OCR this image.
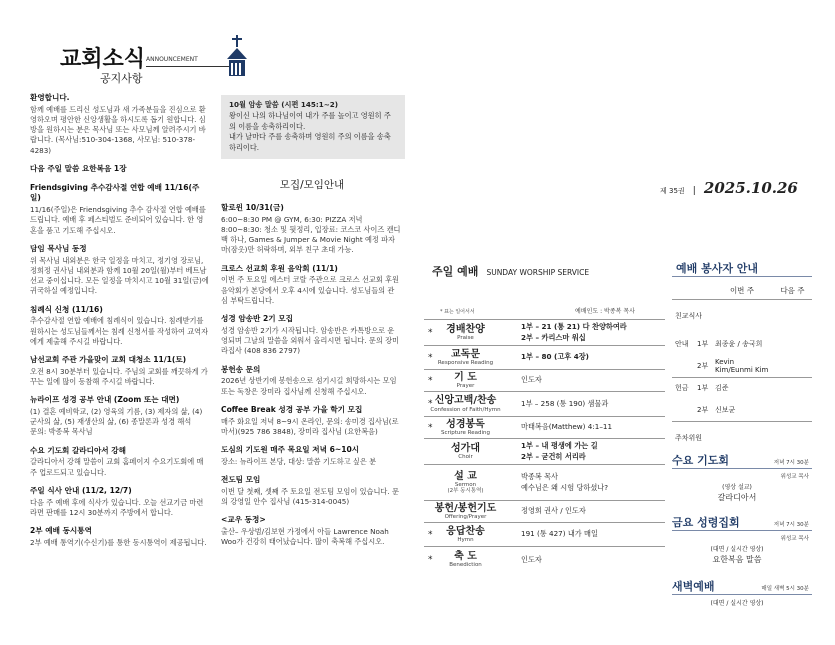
교회소식 ANNOUNCEMENT
공지사항
환영합니다.
함께 예배를 드리신 성도님과 새 가족분들을 진심으로 환영하오며 평안한 신앙생활을 하시도록 돕기 원합니다. 심방을 원하시는 분은 목사님 또는 사모님께 알려주시기 바랍니다. (목사님:510-304-1368, 사모님: 510-378-4283)
다음 주일 말씀 요한복음 1장
Friendsgiving 추수감사절 연합 예배 11/16(주일)
11/16(주일)은 Friendsgiving 추수 감사절 연합 예배를 드립니다. 예배 후 페스티벌도 준비되어 있습니다. 한 영혼을 품고 기도해 주십시오.
담임 목사님 동정
위 목사님 내외분은 한국 일정을 마치고, 정기영 장로님, 정희정 권사님 내외분과 함께 10월 20일(월)부터 베트남 선교 중이십니다. 모든 일정을 마치시고 10월 31일(금)에 귀국하실 예정입니다.
침례식 신청 (11/16)
추수감사절 연합 예배에 침례식이 있습니다. 침례받기를 원하시는 성도님들께서는 침례 신청서를 작성하여 교역자에게 제출해 주시길 바랍니다.
남선교회 주관 가을맞이 교회 대청소 11/1(토)
오전 8시 30분부터 있습니다. 주님의 교회를 깨끗하게 가꾸는 일에 많이 동참해 주시길 바랍니다.
뉴라이프 성경 공부 안내 (Zoom 또는 대면)
(1) 결혼 예비학교, (2) 영육의 기름, (3) 제자의 삶, (4) 군사의 삶, (5) 재생산의 삶, (6) 종말론과 성경 해석
문의: 박종복 목사님
수요 기도회 갈라디아서 강해
갈라디아서 강해 말씀이 교회 홈페이지 수요기도회에 매주 업로드되고 있습니다.
주일 식사 안내 (11/2, 12/7)
다음 주 예배 후에 식사가 있습니다. 오늘 선교기금 마련 라면 판매를 12시 30분까지 주방에서 합니다.
2부 예배 동시통역
2부 예배 통역기(수신기)를 통한 동시통역이 제공됩니다.
10월 암송 말씀 (시편 145:1~2)
왕이신 나의 하나님이여 내가 주를 높이고 영원히 주의 이름을 송축하리이다.
내가 날마다 주를 송축하며 영원히 주의 이름을 송축하리이다.
모집/모임안내
할로윈 10/31(금)
6:00~8:30 PM @ GYM, 6:30: PIZZA 저녁
8:00~8:30: 청소 및 뒷정리, 입장료: 코스코 사이즈 캔디백 하나, Games & Jumper & Movie Night 예정 파자마(잠옷)만 허락하며, 외부 친구 초대 가능.
크로스 선교회 후원 음악회 (11/1)
이번 주 토요일 에스터 코랄 주관으로 크로스 선교회 후원 음악회가 본당에서 오후 4시에 있습니다. 성도님들의 관심 부탁드립니다.
성경 암송반 2기 모집
성경 암송반 2기가 시작됩니다. 암송반은 카톡방으로 운영되며 그날의 말씀을 외워서 올리시면 됩니다. 문의 장미라집사 (408 836 2797)
봉헌송 문의
2026년 상반기에 봉헌송으로 섬기시길 희망하시는 모임 또는 독창은 장미라 집사님께 신청해 주십시오.
Coffee Break 성경 공부 가을 학기 모집
매주 화요일 저녁 8~9시 온라인, 문의: 송미경 집사님(로마서)(925 786 3848), 장미라 집사님 (요한복음)
도심의 기도원 매주 목요일 저녁 6~10시
장소: 뉴라이프 본당, 대상: 말씀 기도하고 싶은 분
전도팀 모임
이번 달 첫째, 셋째 주 토요일 전도팀 모임이 있습니다. 문의 강영일 안수 집사님 (415-314-0045)
<교우 동정>
출산– 우상범/김보현 가정에서 아들 Lawrence Noah Woo가 건강히 태어났습니다. 많이 축복해 주십시오.
제 35권 | 2025.10.26
주일 예배 SUNDAY WORSHIP SERVICE
* 표는 일어서서	예배인도 : 박종복 목사
* 경배찬양
Praise	1부 – 21 (통 21) 다 찬양하여라
2부 – 카리스마 워십

* 교독문
Responsive Reading	1부 – 80 (고후 4장)

* 기 도
Prayer	인도자

* 신앙고백/찬송
Confession of Faith/Hymn	1부 – 258 (통 190) 샘물과

* 성경봉독
Scripture Reading	마태복음(Matthew) 4:1–11

성가대
Choir	1부 – 내 평생에 가는 길
2부 – 굳건히 서리라

설 교
Sermon
(2부 동시통역)	박종복 목사
예수님은 왜 시험 당하셨나?

봉헌/봉헌기도
Offering/Prayer	정영희 권사 / 인도자

* 응답찬송
Hymn	191 (통 427) 내가 매일

* 축 도
Benediction	인도자
예배 봉사자 안내
		이번 주	다음 주
친교식사			
안내	1부	최종윤 / 송국희	
	2부	Kevin Kim/Eunmi Kim	
헌금	1부	김준	
	2부	신보균	
주차위원			
수요 기도회	저녁 7시 30분
위성교 목사
(영상 설교)
갈라디아서
금요 성령집회	저녁 7시 30분
위성교 목사
(대면 / 실시간 영상)
요한복음 말씀
새벽예배	매일 새벽 5시 30분
(대면 / 실시간 영상)
